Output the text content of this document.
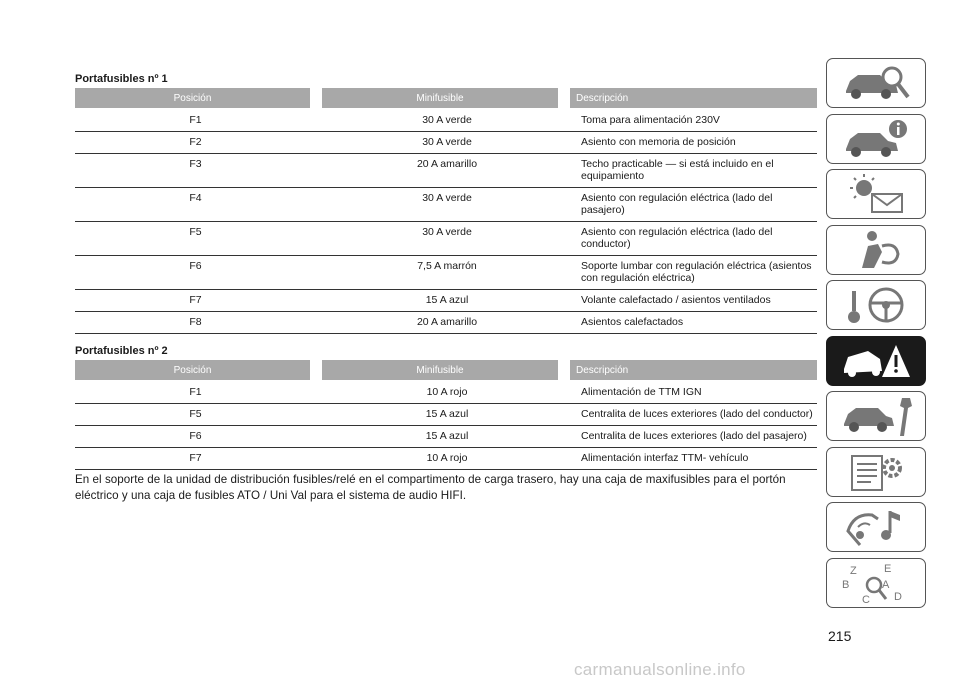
Portafusibles nº 1
Posición	Minifusible	Descripción
F1	30 A verde	Toma para alimentación 230V
F2	30 A verde	Asiento con memoria de posición
F3	20 A amarillo	Techo practicable — si está incluido en el equipamiento
F4	30 A verde	Asiento con regulación eléctrica (lado del pasajero)
F5	30 A verde	Asiento con regulación eléctrica (lado del conductor)
F6	7,5 A marrón	Soporte lumbar con regulación eléctrica (asientos con regulación eléctrica)
F7	15 A azul	Volante calefactado / asientos ventilados
F8	20 A amarillo	Asientos calefactados
Portafusibles nº 2
Posición	Minifusible	Descripción
F1	10 A rojo	Alimentación de TTM IGN
F5	15 A azul	Centralita de luces exteriores (lado del conductor)
F6	15 A azul	Centralita de luces exteriores (lado del pasajero)
F7	10 A rojo	Alimentación interfaz TTM- vehículo

En el soporte de la unidad de distribución fusibles/relé en el compartimento de carga trasero, hay una caja de maxifusibles para el portón eléctrico y una caja de fusibles ATO / Uni Val para el sistema de audio HIFI.

Z E
B	A
C D
215
carmanualsonline.info
